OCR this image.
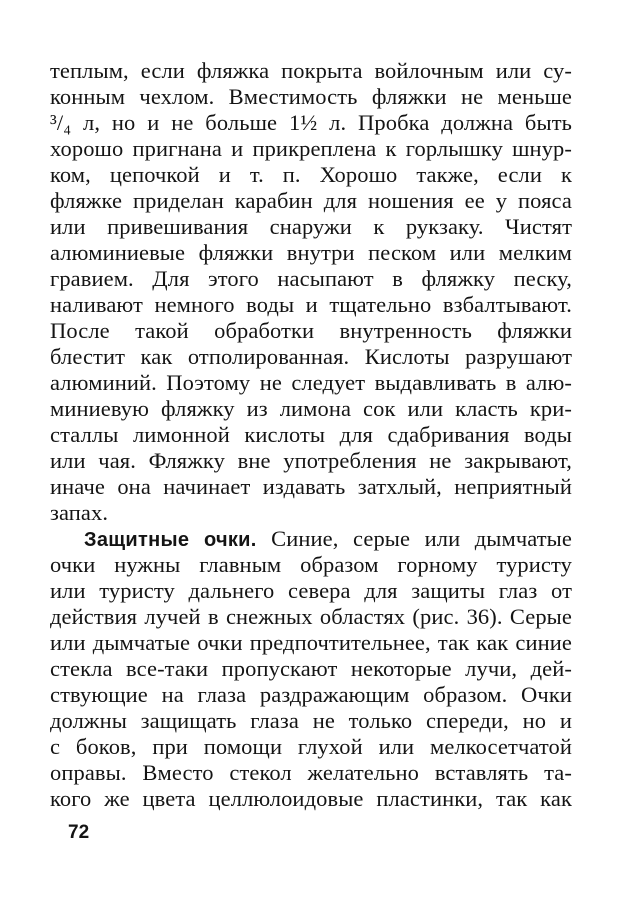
теплым, если фляжка покрыта войлочным или су-
конным чехлом. Вместимость фляжки не меньше
³/₄ л, но и не больше 1½ л. Пробка должна быть
хорошо пригнана и прикреплена к горлышку шнур-
ком, цепочкой и т. п. Хорошо также, если к
фляжке приделан карабин для ношения ее у пояса
или привешивания снаружи к рукзаку. Чистят
алюминиевые фляжки внутри песком или мелким
гравием. Для этого насыпают в фляжку песку,
наливают немного воды и тщательно взбалтывают.
После такой обработки внутренность фляжки
блестит как отполированная. Кислоты разрушают
алюминий. Поэтому не следует выдавливать в алю-
миниевую фляжку из лимона сок или класть кри-
сталлы лимонной кислоты для сдабривания воды
или чая. Фляжку вне употребления не закрывают,
иначе она начинает издавать затхлый, неприятный
запах.
Защитные очки. Синие, серые или дымчатые
очки нужны главным образом горному туристу
или туристу дальнего севера для защиты глаз от
действия лучей в снежных областях (рис. 36). Серые
или дымчатые очки предпочтительнее, так как синие
стекла все-таки пропускают некоторые лучи, дей-
ствующие на глаза раздражающим образом. Очки
должны защищать глаза не только спереди, но и
с боков, при помощи глухой или мелкосетчатой
оправы. Вместо стекол желательно вставлять та-
кого же цвета целлюлоидовые пластинки, так как
72
